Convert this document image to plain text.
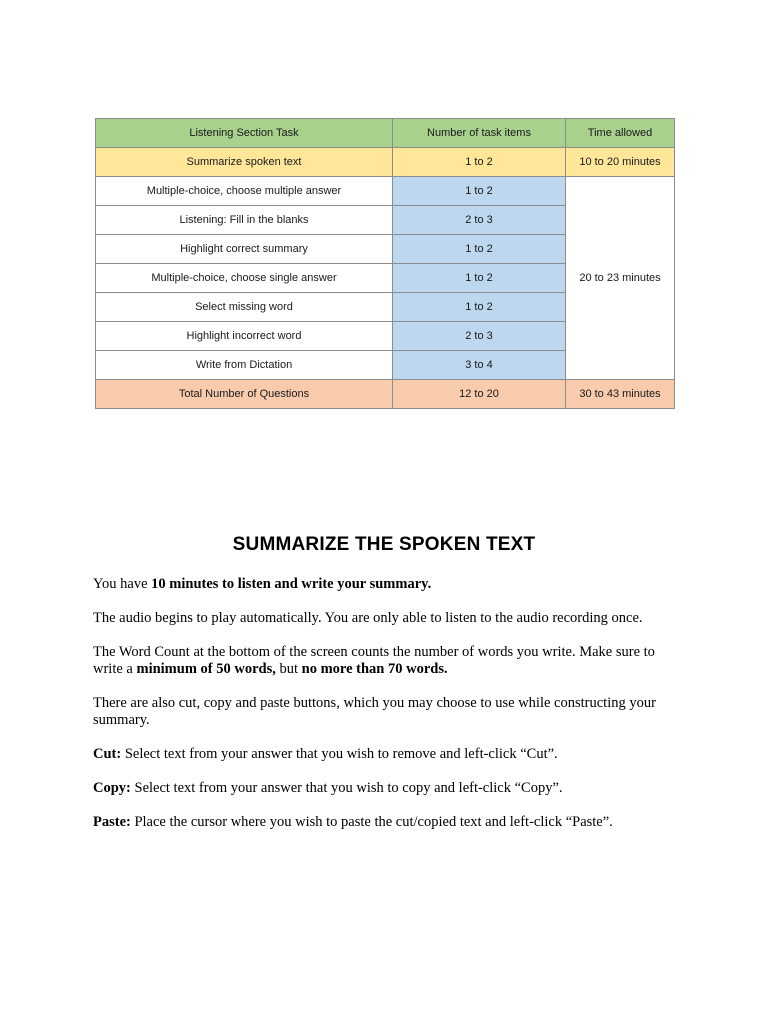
Listening Section Task	Number of task items	Time allowed
Summarize spoken text	1 to 2	10 to 20 minutes
Multiple-choice, choose multiple answer	1 to 2	20 to 23 minutes
Listening: Fill in the blanks	2 to 3	
Highlight correct summary	1 to 2	
Multiple-choice, choose single answer	1 to 2	
Select missing word	1 to 2	
Highlight incorrect word	2 to 3	
Write from Dictation	3 to 4	
Total Number of Questions	12 to 20	30 to 43 minutes
SUMMARIZE THE SPOKEN TEXT

You have 10 minutes to listen and write your summary.

The audio begins to play automatically. You are only able to listen to the audio recording once.

The Word Count at the bottom of the screen counts the number of words you write. Make sure to write a minimum of 50 words, but no more than 70 words.

There are also cut, copy and paste buttons, which you may choose to use while constructing your summary.

Cut: Select text from your answer that you wish to remove and left-click “Cut”.

Copy: Select text from your answer that you wish to copy and left-click “Copy”.

Paste: Place the cursor where you wish to paste the cut/copied text and left-click “Paste”.
